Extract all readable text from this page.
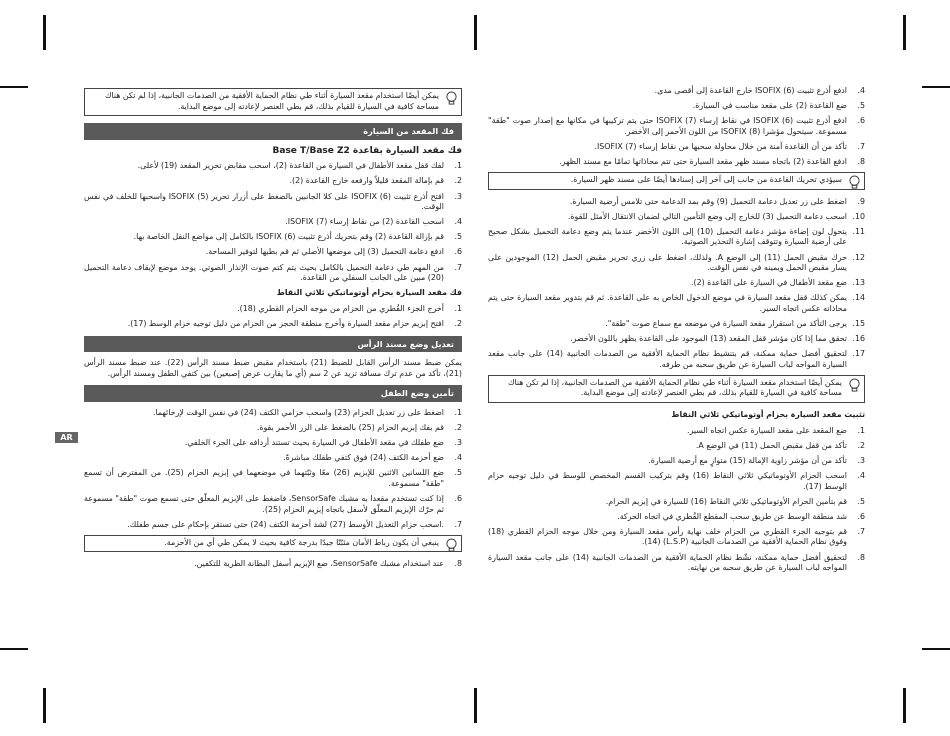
AR
يمكن أيضًا استخدام مقعد السيارة أثناء طي نظام الحماية الأفقية من الصدمات الجانبية، إذا لم تكن هناك مساحة كافية في السيارة للقيام بذلك، قم بطي العنصر لإعادته إلى موضع البداية.
فك المقعد من السيارة
فك مقعد السيارة بقاعدة Base T/Base Z2
1.
لفك قفل مقعد الأطفال في السيارة من القاعدة (2)، اسحب مقابض تحرير المقعد (19) لأعلى.
2.
قم بإمالة المقعد قليلاً وارفعه خارج القاعدة (2).
3.
افتح أذرع تثبيت ISOFIX (6) على كلا الجانبين بالضغط على أزرار تحرير ISOFIX (5) واسحبها للخلف في نفس الوقت.
4.
اسحب القاعدة (2) من نقاط إرساء ISOFIX (7).
5.
قم بإزالة القاعدة (2) وقم بتحريك أذرع تثبيت ISOFIX (6) بالكامل إلى مواضع النقل الخاصة بها.
6.
ادفع دعامة التحميل (3) إلى موضعها الأصلي ثم قم بطيها لتوفير المساحة.
7.
من المهم طي دعامة التحميل بالكامل بحيث يتم كتم صوت الإنذار الصوتي. يوجد موضع لإيقاف دعامة التحميل (20) مبين على الجانب السفلي من القاعدة.
فك مقعد السيارة بحزام أوتوماتيكي ثلاثي النقاط
1.
أخرج الجزء القُطري من الحزام من موجه الحزام القطري (18).
2.
افتح إبزيم حزام مقعد السيارة وأخرج منطقة الحجز من الحزام من دليل توجيه حزام الوسط (17).
تعديل وضع مسند الرأس
يمكن ضبط مسند الرأس القابل للضبط (21) باستخدام مقبض ضبط مسند الرأس (22). عند ضبط مسند الرأس (21)، تأكد من عدم ترك مسافة تزيد عن 2 سم (أي ما يقارب عرض إصبعين) بين كتفي الطفل ومسند الرأس.
تأمين وضع الطفل
1.
اضغط على زر تعديل الحزام (23) واسحب حزامي الكتف (24) في نفس الوقت لإرخائهما.
2.
قم بفك إبزيم الحزام (25) بالضغط على الزر الأحمر بقوة.
3.
ضع طفلك في مقعد الأطفال في السيارة بحيث تستند أردافه على الجزء الخلفي.
4.
ضع أحزمة الكتف (24) فوق كتفي طفلك مباشرةً.
5.
ضع اللسانين الاثنين للإبزيم (26) معًا وثبّتهما في موضعهما في إبزيم الحزام (25). من المفترض أن تسمع "طقة" مسموعة.
6.
إذا كنت تستخدم مقعدا به مشبك SensorSafe، فاضغط على الإبزيم المعلّق حتى تسمع صوت "طقة" مسموعة ثم حرّك الإبزيم المعلّق لأسفل باتجاه إبزيم الحزام (25).
7.
.اسحب حزام التعديل الأوسط (27) لشد أحزمة الكتف (24) حتى تستقر بإحكام على جسم طفلك.
ينبغي أن يكون رباط الأمان مثبّتًا جيدًا بدرجة كافية بحيث لا يمكن طي أي من الأحزمة.
8.
عند استخدام مشبك SensorSafe، ضع الإبزيم أسفل البطانة الطرية للتكفين.
4.
ادفع أذرع تثبيت ISOFIX (6) خارج القاعدة إلى أقصى مدى.
5.
ضع القاعدة (2) على مقعد مناسب في السيارة.
6.
ادفع أذرع تثبيت ISOFIX (6) في نقاط إرساء ISOFIX (7) حتى يتم تركيبها في مكانها مع إصدار صوت "طقة" مسموعة. سيتحول مؤشرا ISOFIX (8) من اللون الأحمر إلى الأخضر.
7.
تأكد من أن القاعدة آمنة من خلال محاولة سحبها من نقاط إرساء ISOFIX (7).
8.
ادفع القاعدة (2) باتجاه مسند ظهر مقعد السيارة حتى تتم محاذاتها تمامًا مع مسند الظهر.
سيؤدي تحريك القاعدة من جانب إلى آخر إلى إسنادها أيضًا على مسند ظهر السيارة.
9.
اضغط على زر تعديل دعامة التحميل (9) وقم بمد الدعامة حتى تلامس أرضية السيارة.
10.
اسحب دعامة التحميل (3) للخارج إلى وضع التأمين التالي لضمان الانتقال الأمثل للقوة.
11.
يتحول لون إضاءة مؤشر دعامة التحميل (10) إلى اللون الأخضر عندما يتم وضع دعامة التحميل بشكل صحيح على أرضية السيارة وتتوقف إشارة التحذير الصوتية.
12.
حرك مقبض الحمل (11) إلى الوضع A. ولذلك، اضغط على زري تحرير مقبض الحمل (12) الموجودين على يسار مقبض الحمل ويمينه في نفس الوقت.
13.
ضع مقعد الأطفال في السيارة على القاعدة (2).
14.
يمكن كذلك قفل مقعد السيارة في موضع الدخول الخاص به على القاعدة. ثم قم بتدوير مقعد السيارة حتى يتم محاذاته عكس اتجاه السير.
15.
يرجى التأكد من استقرار مقعد السيارة في موضعه مع سماع صوت "طقة".
16.
تحقق مما إذا كان مؤشر قفل المقعد (13) الموجود على القاعدة يظهر باللون الأخضر.
17.
لتحقيق أفضل حماية ممكنة، قم بتنشيط نظام الحماية الأفقية من الصدمات الجانبية (14) على جانب مقعد السيارة المواجه لباب السيارة عن طريق سحبه من طرفه.
يمكن أيضًا استخدام مقعد السيارة أثناء طي نظام الحماية الأفقية من الصدمات الجانبية، إذا لم تكن هناك مساحة كافية في السيارة للقيام بذلك، قم بطي العنصر لإعادته إلى موضع البداية.
تثبيت مقعد السيارة بحزام أوتوماتيكي ثلاثي النقاط
1.
ضع المقعد على مقعد السيارة عكس اتجاه السير.
2.
تأكد من قفل مقبض الحمل (11) في الوضع A.
3.
تأكد من أن مؤشر زاوية الإمالة (15) متوازٍ مع أرضية السيارة.
4.
اسحب الحزام الأوتوماتيكي ثلاثي النقاط (16) وقم بتركيب القسم المخصص للوسط في دليل توجيه حزام الوسط (17).
5.
قم بتأمين الحزام الأوتوماتيكي ثلاثي النقاط (16) للسيارة في إبزيم الحزام.
6.
شد منطقة الوسط عن طريق سحب المقطع القُطري في اتجاه الحركة.
7.
قم بتوجيه الجزء القطري من الحزام خلف نهاية رأس مقعد السيارة ومن خلال موجه الحزام القطري (18) وفوق نظام الحماية الأفقية من الصدمات الجانبية (L.S.P) (14).
8.
لتحقيق أفضل حماية ممكنة، نشّط نظام الحماية الأفقية من الصدمات الجانبية (14) على جانب مقعد السيارة المواجه لباب السيارة عن طريق سحبه من نهايته.
